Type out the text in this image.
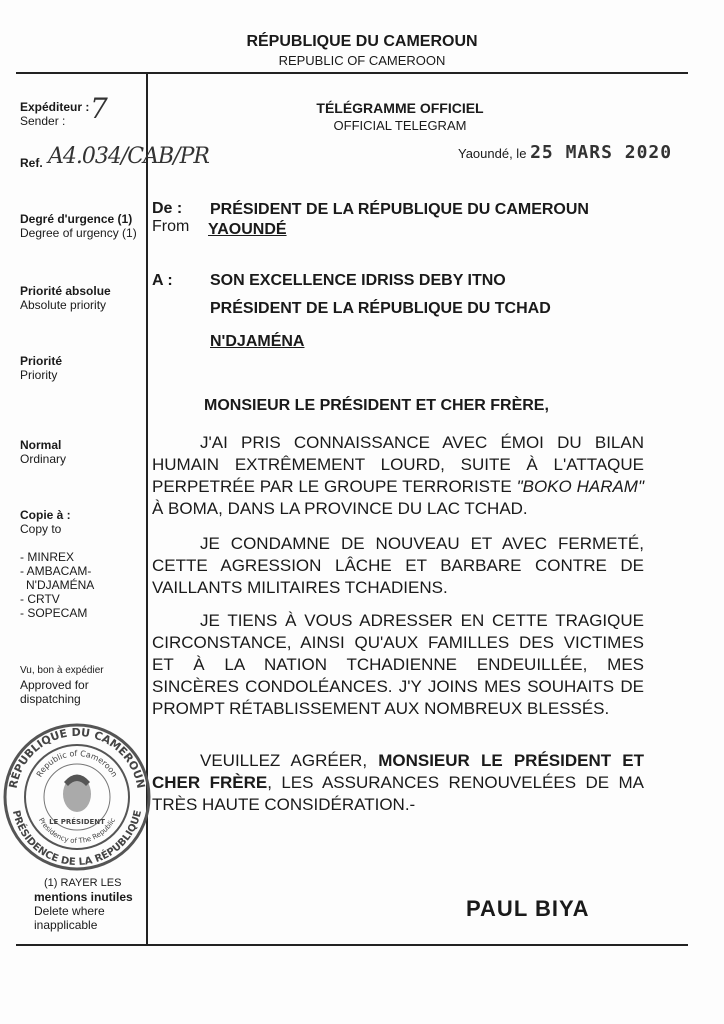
RÉPUBLIQUE DU CAMEROUN
REPUBLIC OF CAMEROON
Expéditeur :
Sender : 7
Ref. A4.034/CAB/PR
Degré d'urgence (1)
Degree of urgency (1)
Priorité absolue
Absolute priority
Priorité
Priority
Normal
Ordinary
Copie à :
Copy to
- MINREX
- AMBACAM-
N'DJAMÉNA
- CRTV
- SOPECAM
Vu, bon à expédier
Approved for
dispatching
RÉPUBLIQUE DU CAMEROUN
PRÉSIDENCE DE LA RÉPUBLIQUE
Republic of Cameroon
Presidency of The Republic
LE PRÉSIDENT
(1) RAYER LES
mentions inutiles
Delete where
inapplicable
TÉLÉGRAMME OFFICIEL
OFFICIAL TELEGRAM
Yaoundé, le 25 MARS 2020
De :
From
PRÉSIDENT DE LA RÉPUBLIQUE DU CAMEROUN
YAOUNDÉ
A : SON EXCELLENCE IDRISS DEBY ITNO
PRÉSIDENT DE LA RÉPUBLIQUE DU TCHAD
N'DJAMÉNA
MONSIEUR LE PRÉSIDENT ET CHER FRÈRE,
J'AI PRIS CONNAISSANCE AVEC ÉMOI DU BILAN HUMAIN EXTRÊMEMENT LOURD, SUITE À L'ATTAQUE PERPETRÉE PAR LE GROUPE TERRORISTE "BOKO HARAM" À BOMA, DANS LA PROVINCE DU LAC TCHAD.
JE CONDAMNE DE NOUVEAU ET AVEC FERMETÉ, CETTE AGRESSION LÂCHE ET BARBARE CONTRE DE VAILLANTS MILITAIRES TCHADIENS.
JE TIENS À VOUS ADRESSER EN CETTE TRAGIQUE CIRCONSTANCE, AINSI QU'AUX FAMILLES DES VICTIMES ET À LA NATION TCHADIENNE ENDEUILLÉE, MES SINCÈRES CONDOLÉANCES. J'Y JOINS MES SOUHAITS DE PROMPT RÉTABLISSEMENT AUX NOMBREUX BLESSÉS.
VEUILLEZ AGRÉER, MONSIEUR LE PRÉSIDENT ET CHER FRÈRE, LES ASSURANCES RENOUVELÉES DE MA TRÈS HAUTE CONSIDÉRATION.-
PAUL BIYA
